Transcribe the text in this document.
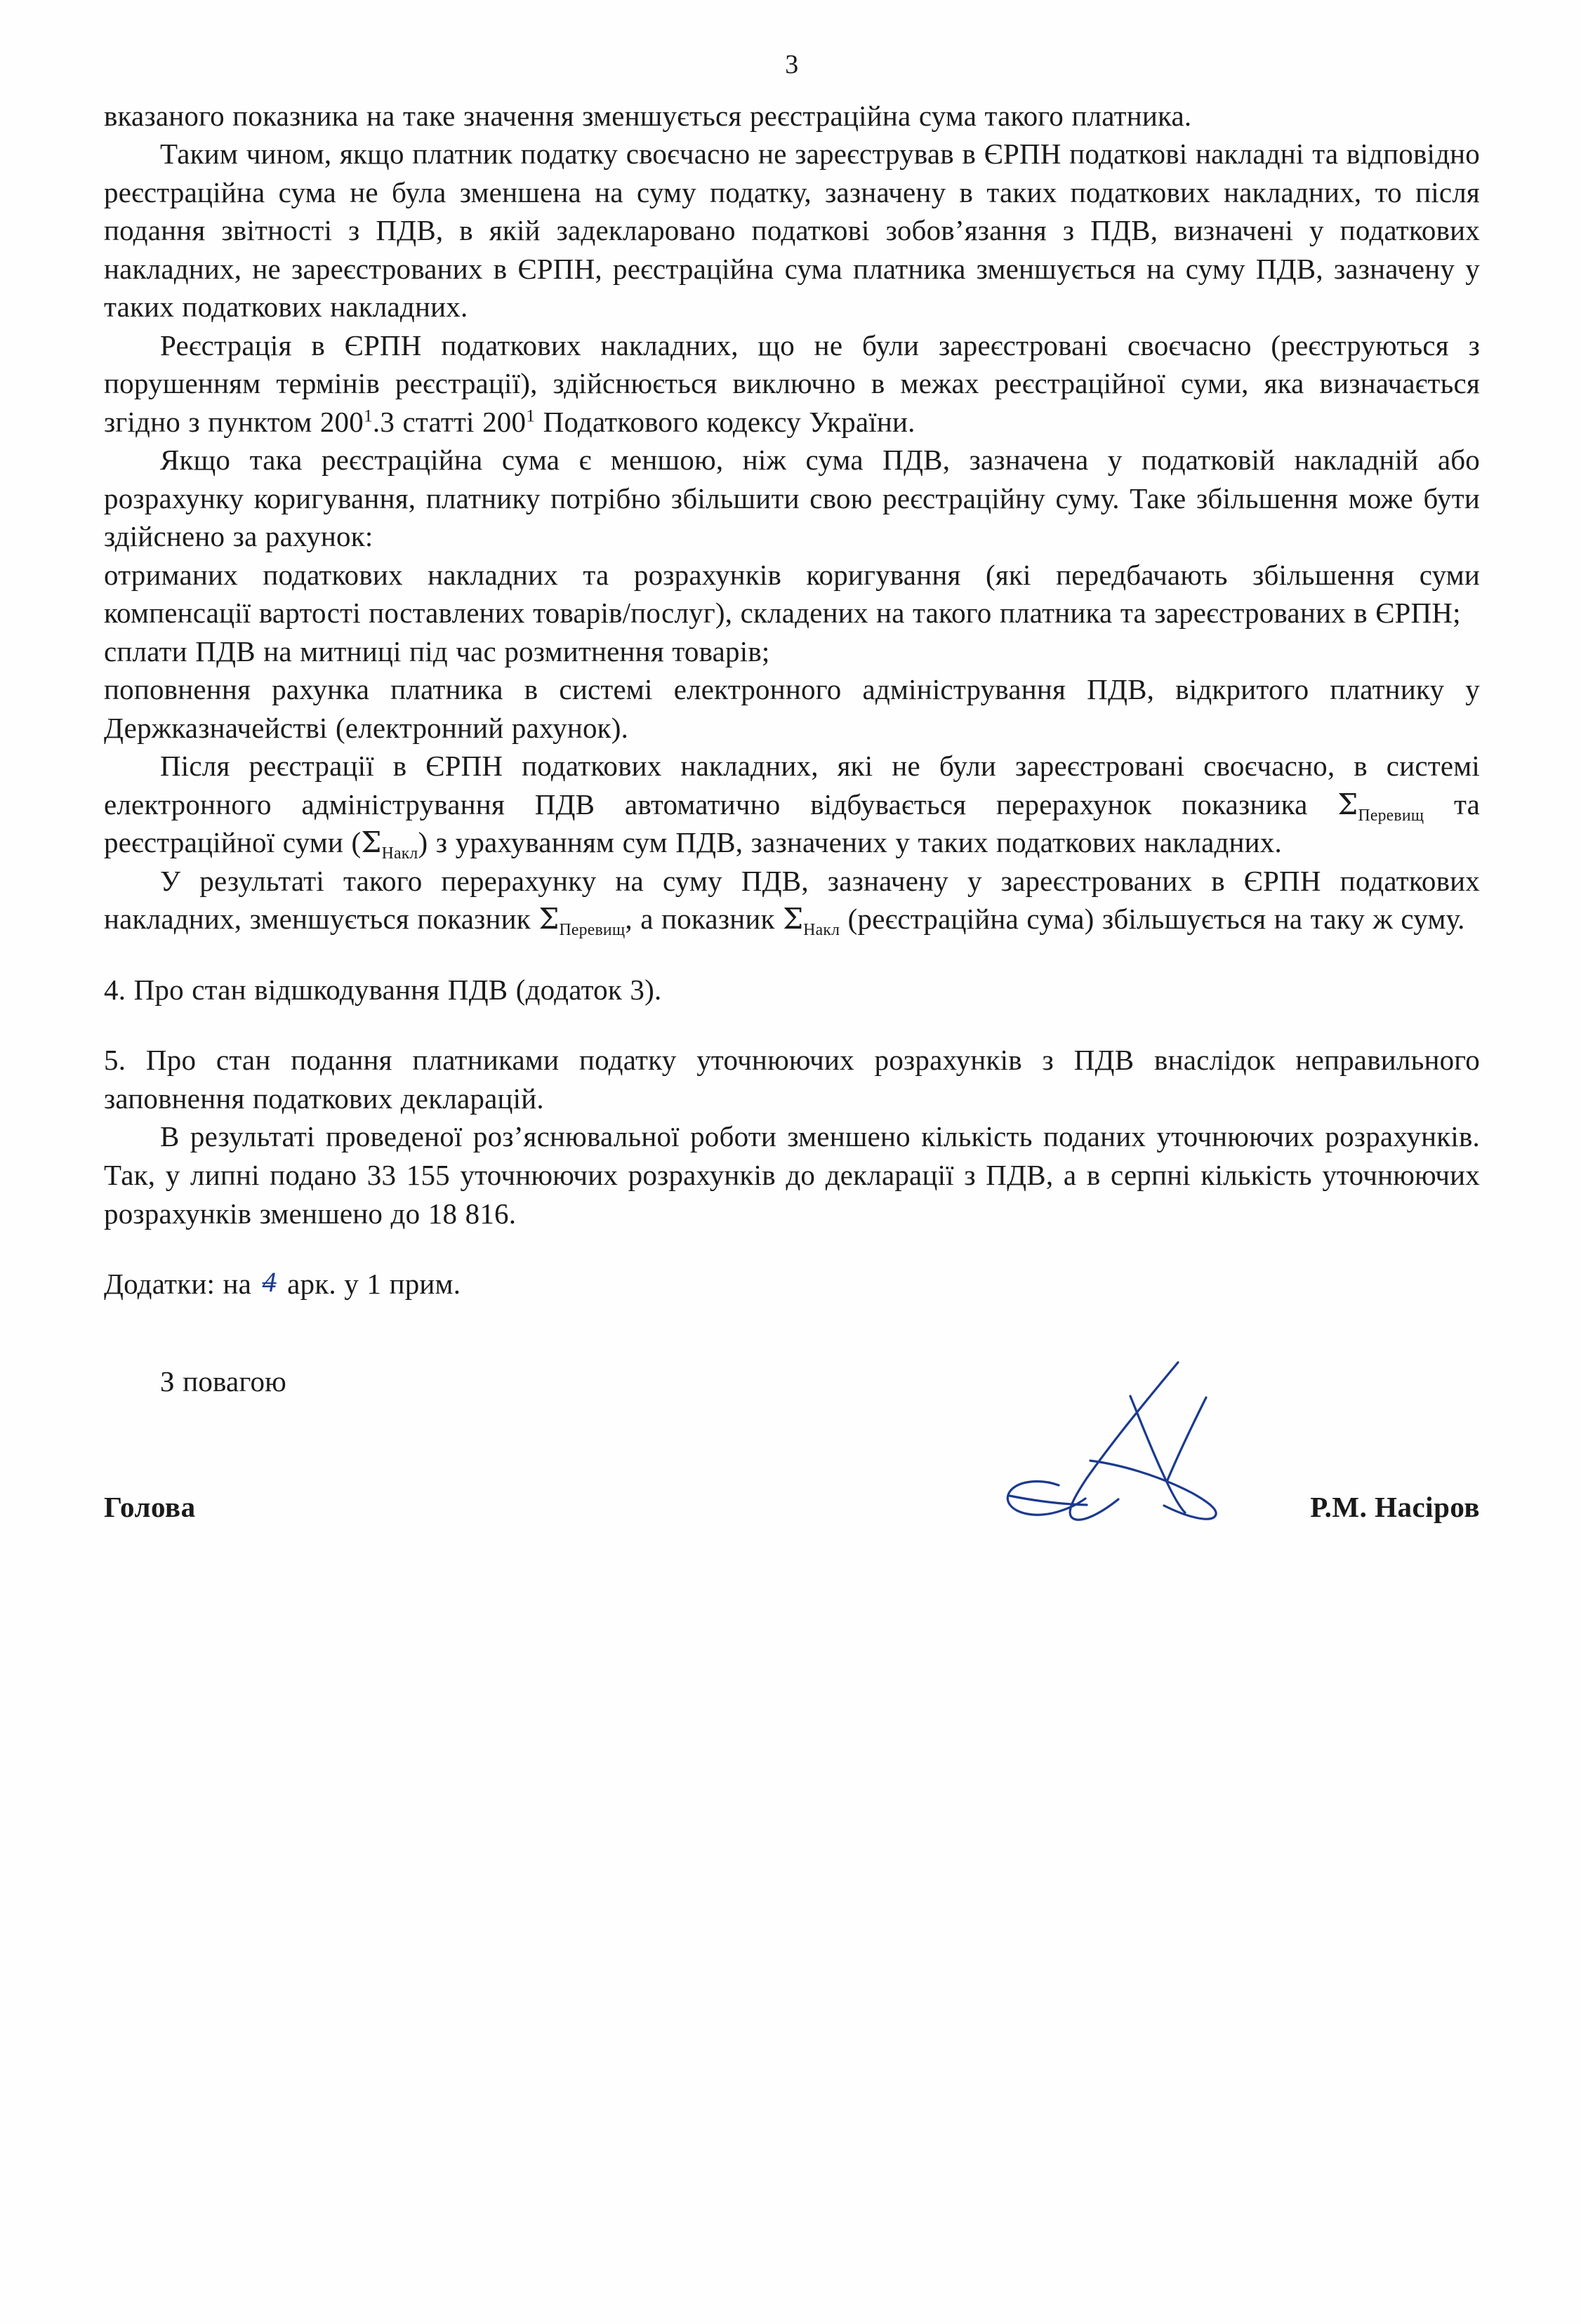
3

вказаного показника на таке значення зменшується реєстраційна сума такого платника.

Таким чином, якщо платник податку своєчасно не зареєстрував в ЄРПН податкові накладні та відповідно реєстраційна сума не була зменшена на суму податку, зазначену в таких податкових накладних, то після подання звітності з ПДВ, в якій задекларовано податкові зобов’язання з ПДВ, визначені у податкових накладних, не зареєстрованих в ЄРПН, реєстраційна сума платника зменшується на суму ПДВ, зазначену у таких податкових накладних.

Реєстрація в ЄРПН податкових накладних, що не були зареєстровані своєчасно (реєструються з порушенням термінів реєстрації), здійснюється виключно в межах реєстраційної суми, яка визначається згідно з пунктом $200^1.3$ статті $200^1$ Податкового кодексу України.

Якщо така реєстраційна сума є меншою, ніж сума ПДВ, зазначена у податковій накладній або розрахунку коригування, платнику потрібно збільшити свою реєстраційну суму. Таке збільшення може бути здійснено за рахунок:

отриманих податкових накладних та розрахунків коригування (які передбачають збільшення суми компенсації вартості поставлених товарів/послуг), складених на такого платника та зареєстрованих в ЄРПН;

сплати ПДВ на митниці під час розмитнення товарів;

поповнення рахунка платника в системі електронного адміністрування ПДВ, відкритого платнику у Держказначействі (електронний рахунок).

Після реєстрації в ЄРПН податкових накладних, які не були зареєстровані своєчасно, в системі електронного адміністрування ПДВ автоматично відбувається перерахунок показника $\Sigma_{Перевищ}$ та реєстраційної суми $(\Sigma_{Накл})$ з урахуванням сум ПДВ, зазначених у таких податкових накладних.

У результаті такого перерахунку на суму ПДВ, зазначену у зареєстрованих в ЄРПН податкових накладних, зменшується показник $\Sigma_{Перевищ}$, а показник $\Sigma_{Накл}$ (реєстраційна сума) збільшується на таку ж суму.

4. Про стан відшкодування ПДВ (додаток 3).

5. Про стан подання платниками податку уточнюючих розрахунків з ПДВ внаслідок неправильного заповнення податкових декларацій.

В результаті проведеної роз’яснювальної роботи зменшено кількість поданих уточнюючих розрахунків. Так, у липні подано 33 155 уточнюючих розрахунків до декларації з ПДВ, а в серпні кількість уточнюючих розрахунків зменшено до 18 816.

Додатки: на 4 арк. у 1 прим.

З повагою

Голова	Р.М. Насіров
